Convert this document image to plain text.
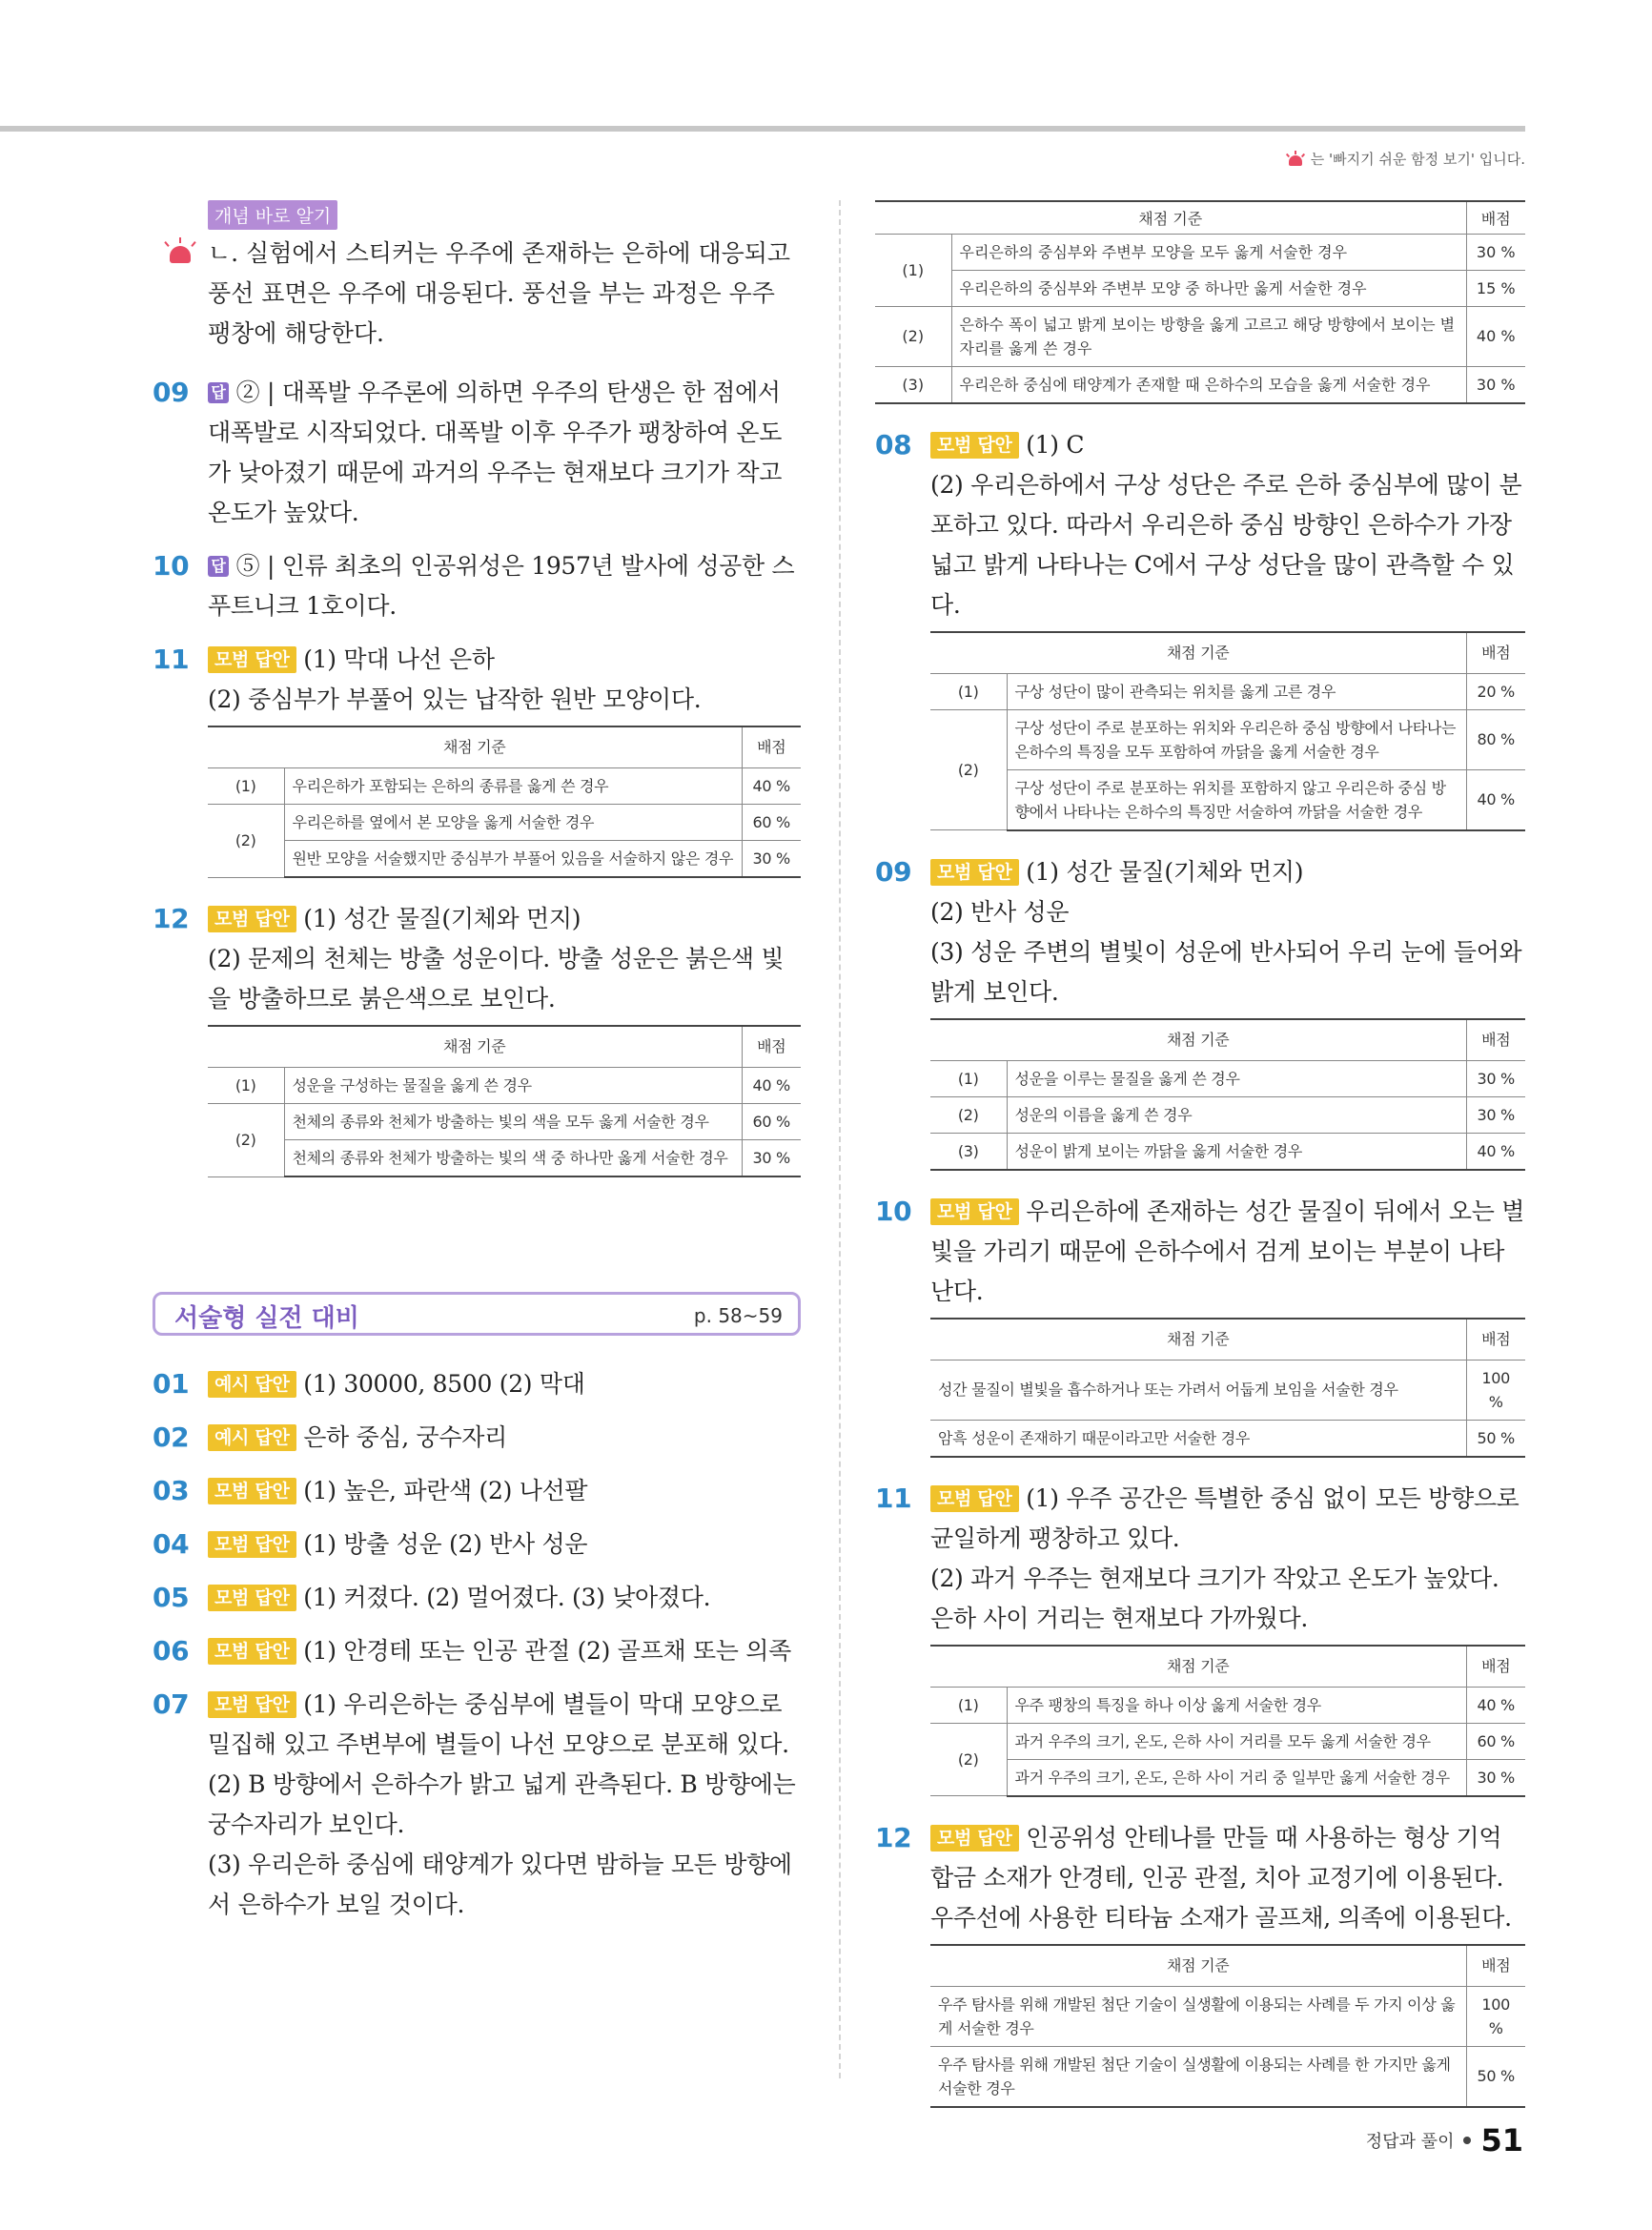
는 '빠지기 쉬운 함정 보기' 입니다.
개념 바로 알기

ㄴ. 실험에서 스티커는 우주에 존재하는 은하에 대응되고 풍선 표면은 우주에 대응된다. 풍선을 부는 과정은 우주 팽창에 해당한다.

09 답 ② | 대폭발 우주론에 의하면 우주의 탄생은 한 점에서 대폭발로 시작되었다. 대폭발 이후 우주가 팽창하여 온도가 낮아졌기 때문에 과거의 우주는 현재보다 크기가 작고 온도가 높았다.

10 답 ⑤ | 인류 최초의 인공위성은 1957년 발사에 성공한 스푸트니크 1호이다.

11	모범 답안 (1) 막대 나선 은하

(2) 중심부가 부풀어 있는 납작한 원반 모양이다.

채점 기준		배점
(1)	우리은하가 포함되는 은하의 종류를 옳게 쓴 경우	40 %
(2)	우리은하를 옆에서 본 모양을 옳게 서술한 경우	60 %
	원반 모양을 서술했지만 중심부가 부풀어 있음을 서술하지 않은 경우	30 %
12	모범 답안 (1) 성간 물질(기체와 먼지)

(2) 문제의 천체는 방출 성운이다. 방출 성운은 붉은색 빛을 방출하므로 붉은색으로 보인다.

채점 기준		배점
(1)	성운을 구성하는 물질을 옳게 쓴 경우	40 %
(2)	천체의 종류와 천체가 방출하는 빛의 색을 모두 옳게 서술한 경우	60 %
	천체의 종류와 천체가 방출하는 빛의 색 중 하나만 옳게 서술한 경우	30 %
서술형 실전 대비	p. 58~59
01	예시 답안 (1) 30000, 8500 (2) 막대

02	예시 답안 은하 중심, 궁수자리

03	모범 답안 (1) 높은, 파란색 (2) 나선팔

04	모범 답안 (1) 방출 성운 (2) 반사 성운

05	모범 답안 (1) 커졌다. (2) 멀어졌다. (3) 낮아졌다.

06	모범 답안 (1) 안경테 또는 인공 관절 (2) 골프채 또는 의족

07	모범 답안 (1) 우리은하는 중심부에 별들이 막대 모양으로 밀집해 있고 주변부에 별들이 나선 모양으로 분포해 있다.

(2) B 방향에서 은하수가 밝고 넓게 관측된다. B 방향에는 궁수자리가 보인다.

(3) 우리은하 중심에 태양계가 있다면 밤하늘 모든 방향에서 은하수가 보일 것이다.

채점 기준		배점
(1)	우리은하의 중심부와 주변부 모양을 모두 옳게 서술한 경우	30 %
	우리은하의 중심부와 주변부 모양 중 하나만 옳게 서술한 경우	15 %
(2)	은하수 폭이 넓고 밝게 보이는 방향을 옳게 고르고 해당 방향에서 보이는 별자리를 옳게 쓴 경우	40 %
(3)	우리은하 중심에 태양계가 존재할 때 은하수의 모습을 옳게 서술한 경우	30 %
08	모범 답안 (1) C

(2) 우리은하에서 구상 성단은 주로 은하 중심부에 많이 분포하고 있다. 따라서 우리은하 중심 방향인 은하수가 가장 넓고 밝게 나타나는 C에서 구상 성단을 많이 관측할 수 있다.

채점 기준		배점
(1)	구상 성단이 많이 관측되는 위치를 옳게 고른 경우	20 %
(2)	구상 성단이 주로 분포하는 위치와 우리은하 중심 방향에서 나타나는 은하수의 특징을 모두 포함하여 까닭을 옳게 서술한 경우	80 %
	구상 성단이 주로 분포하는 위치를 포함하지 않고 우리은하 중심 방향에서 나타나는 은하수의 특징만 서술하여 까닭을 서술한 경우	40 %
09	모범 답안 (1) 성간 물질(기체와 먼지)

(2) 반사 성운

(3) 성운 주변의 별빛이 성운에 반사되어 우리 눈에 들어와 밝게 보인다.

채점 기준		배점
(1)	성운을 이루는 물질을 옳게 쓴 경우	30 %
(2)	성운의 이름을 옳게 쓴 경우	30 %
(3)	성운이 밝게 보이는 까닭을 옳게 서술한 경우	40 %
10	모범 답안 우리은하에 존재하는 성간 물질이 뒤에서 오는 별빛을 가리기 때문에 은하수에서 검게 보이는 부분이 나타난다.

채점 기준	배점
성간 물질이 별빛을 흡수하거나 또는 가려서 어둡게 보임을 서술한 경우	100 %
암흑 성운이 존재하기 때문이라고만 서술한 경우	50 %
11	모범 답안 (1) 우주 공간은 특별한 중심 없이 모든 방향으로 균일하게 팽창하고 있다.

(2) 과거 우주는 현재보다 크기가 작았고 온도가 높았다. 은하 사이 거리는 현재보다 가까웠다.

채점 기준		배점
(1)	우주 팽창의 특징을 하나 이상 옳게 서술한 경우	40 %
(2)	과거 우주의 크기, 온도, 은하 사이 거리를 모두 옳게 서술한 경우	60 %
	과거 우주의 크기, 온도, 은하 사이 거리 중 일부만 옳게 서술한 경우	30 %
12	모범 답안 인공위성 안테나를 만들 때 사용하는 형상 기억 합금 소재가 안경테, 인공 관절, 치아 교정기에 이용된다. 우주선에 사용한 티타늄 소재가 골프채, 의족에 이용된다.

채점 기준	배점
우주 탐사를 위해 개발된 첨단 기술이 실생활에 이용되는 사례를 두 가지 이상 옳게 서술한 경우	100 %
우주 탐사를 위해 개발된 첨단 기술이 실생활에 이용되는 사례를 한 가지만 옳게 서술한 경우	50 %
정답과 풀이 51
